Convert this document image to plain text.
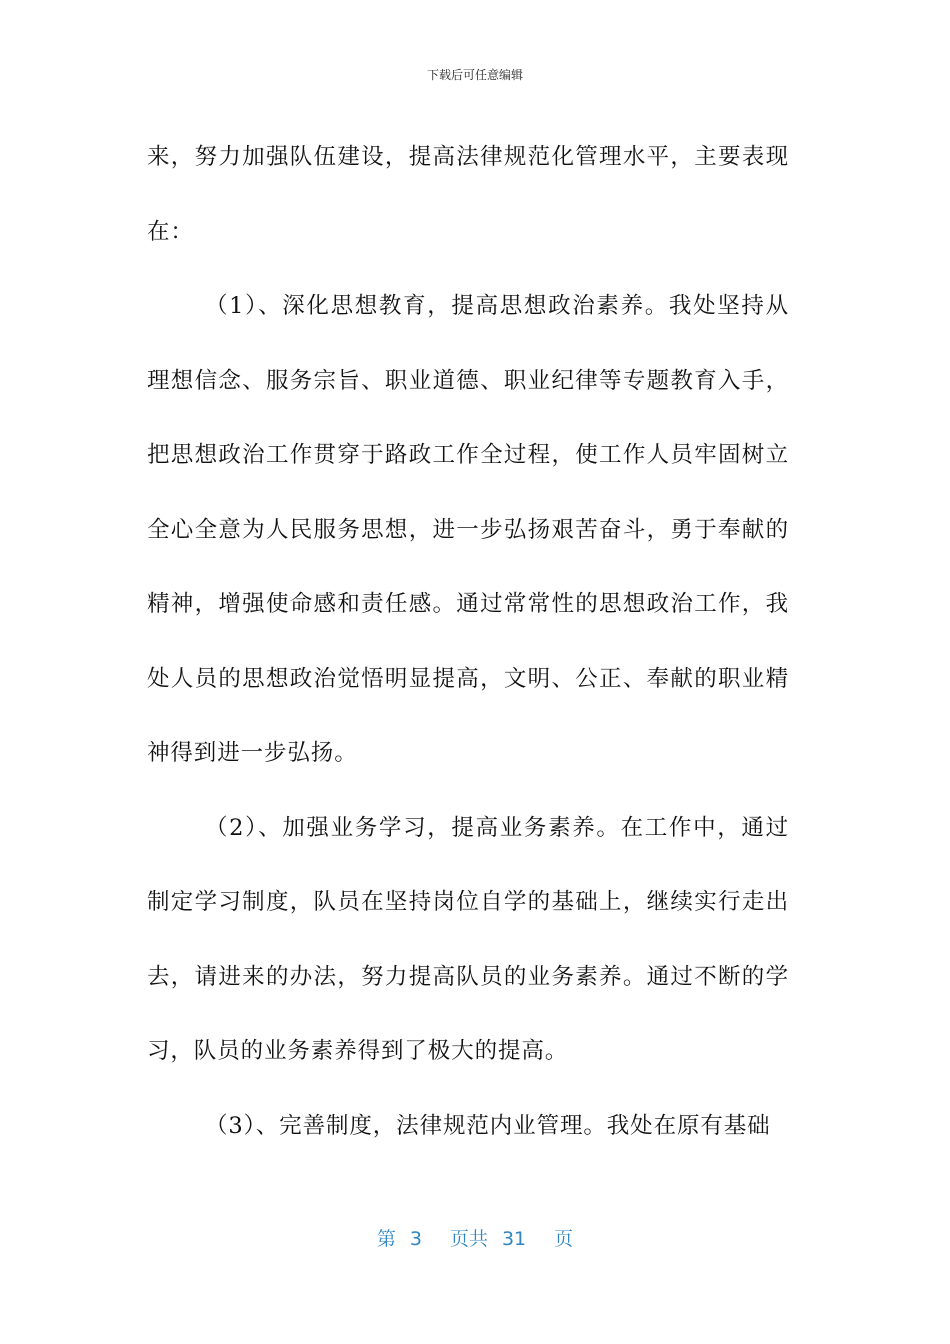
下载后可任意编辑

来，努力加强队伍建设，提高法律规范化管理水平，主要表现在：

（1）、深化思想教育，提高思想政治素养。我处坚持从理想信念、服务宗旨、职业道德、职业纪律等专题教育入手，把思想政治工作贯穿于路政工作全过程，使工作人员牢固树立全心全意为人民服务思想，进一步弘扬艰苦奋斗，勇于奉献的精神，增强使命感和责任感。通过常常性的思想政治工作，我处人员的思想政治觉悟明显提高，文明、公正、奉献的职业精神得到进一步弘扬。

（2）、加强业务学习，提高业务素养。在工作中，通过制定学习制度，队员在坚持岗位自学的基础上，继续实行走出去，请进来的办法，努力提高队员的业务素养。通过不断的学习，队员的业务素养得到了极大的提高。

（3）、完善制度，法律规范内业管理。我处在原有基础

第 3 页共 31 页
